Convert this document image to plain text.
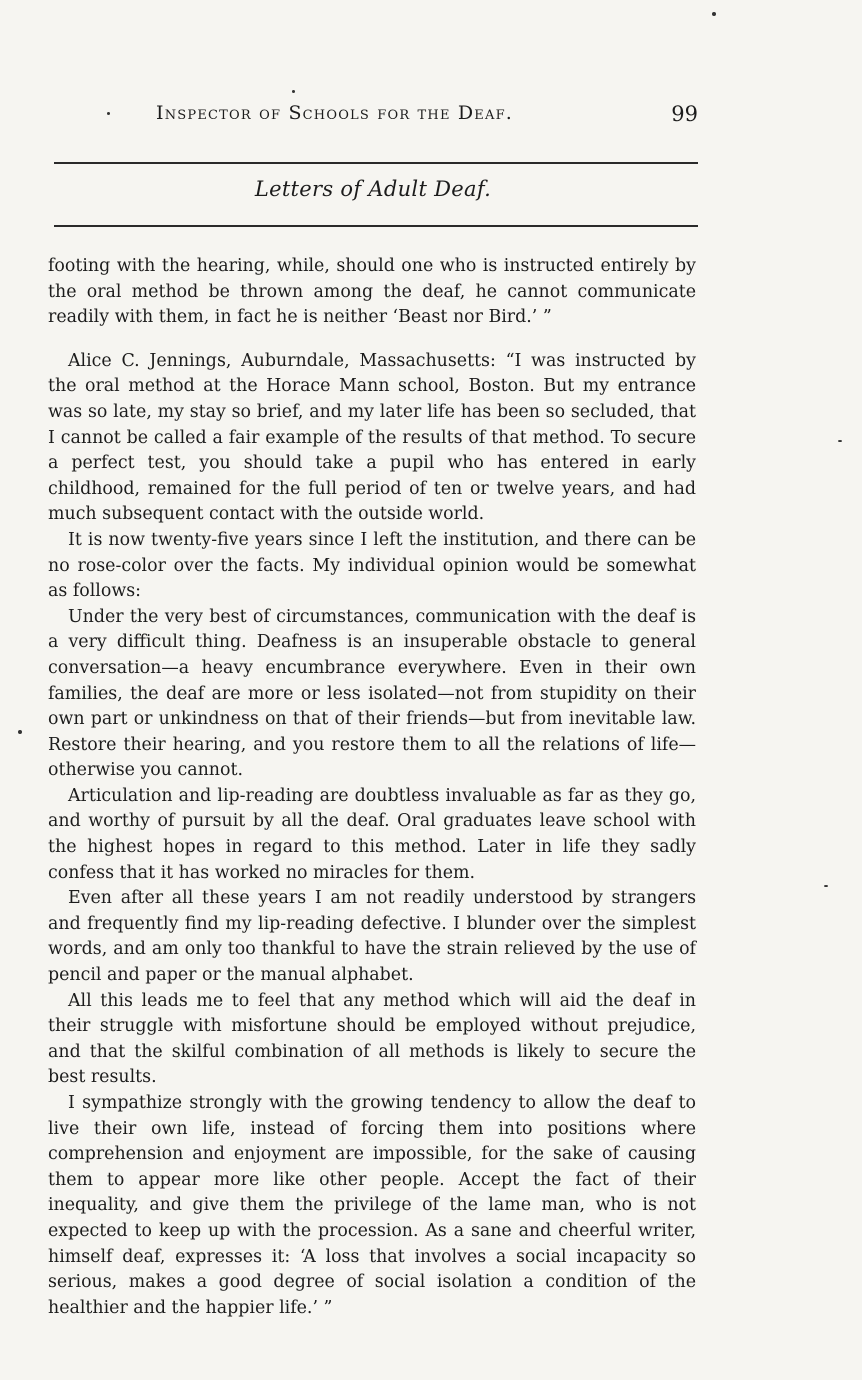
Inspector of Schools for the Deaf.	99
Letters of Adult Deaf.

footing with the hearing, while, should one who is instructed entirely by the oral method be thrown among the deaf, he cannot communicate readily with them, in fact he is neither ‘Beast nor Bird.’ ”

Alice C. Jennings, Auburndale, Massachusetts: “I was instructed by the oral method at the Horace Mann school, Boston. But my entrance was so late, my stay so brief, and my later life has been so secluded, that I cannot be called a fair example of the results of that method. To secure a perfect test, you should take a pupil who has entered in early childhood, remained for the full period of ten or twelve years, and had much subsequent contact with the outside world.

It is now twenty-five years since I left the institution, and there can be no rose-color over the facts. My individual opinion would be somewhat as follows:

Under the very best of circumstances, communication with the deaf is a very difficult thing. Deafness is an insuperable obstacle to general conversation—a heavy encumbrance everywhere. Even in their own families, the deaf are more or less isolated—not from stupidity on their own part or unkindness on that of their friends—but from inevitable law. Restore their hearing, and you restore them to all the relations of life—otherwise you cannot.

Articulation and lip-reading are doubtless invaluable as far as they go, and worthy of pursuit by all the deaf. Oral graduates leave school with the highest hopes in regard to this method. Later in life they sadly confess that it has worked no miracles for them.

Even after all these years I am not readily understood by strangers and frequently find my lip-reading defective. I blunder over the simplest words, and am only too thankful to have the strain relieved by the use of pencil and paper or the manual alphabet.

All this leads me to feel that any method which will aid the deaf in their struggle with misfortune should be employed without prejudice, and that the skilful combination of all methods is likely to secure the best results.

I sympathize strongly with the growing tendency to allow the deaf to live their own life, instead of forcing them into positions where comprehension and enjoyment are impossible, for the sake of causing them to appear more like other people. Accept the fact of their inequality, and give them the privilege of the lame man, who is not expected to keep up with the procession. As a sane and cheerful writer, himself deaf, expresses it: ‘A loss that involves a social incapacity so serious, makes a good degree of social isolation a condition of the healthier and the happier life.’ ”
